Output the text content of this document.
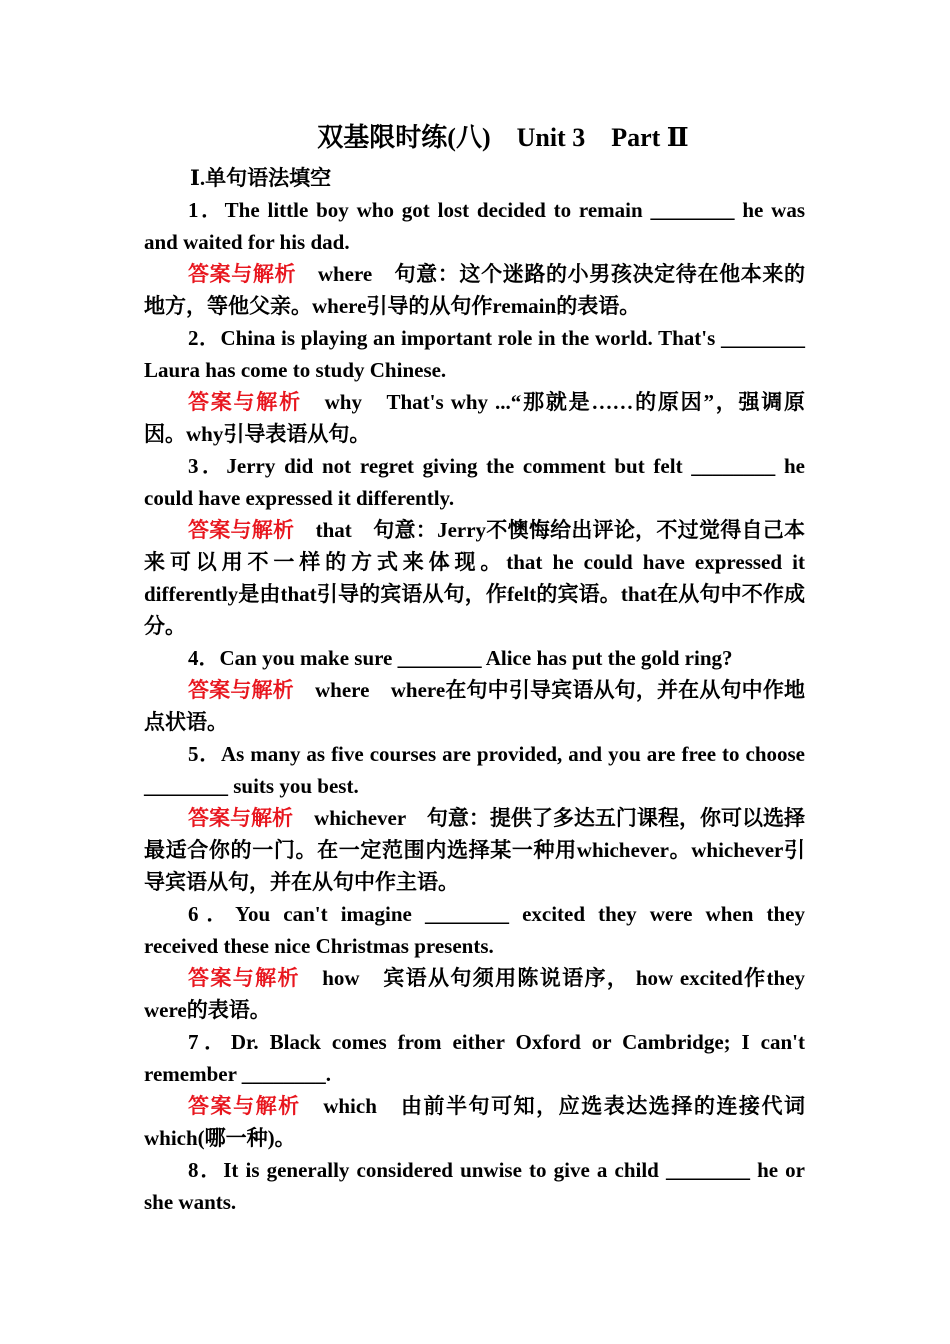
双基限时练(八)　Unit 3　Part Ⅱ
Ⅰ.单句语法填空

1．The little boy who got lost decided to remain ________ he was and waited for his dad.

答案与解析　where　句意：这个迷路的小男孩决定待在他本来的地方，等他父亲。where引导的从句作remain的表语。

2．China is playing an important role in the world. That's ________ Laura has come to study Chinese.

答案与解析　why　That's why ...“那就是……的原因”，强调原因。why引导表语从句。

3．Jerry did not regret giving the comment but felt ________ he could have expressed it differently.

答案与解析　that　句意：Jerry不懊悔给出评论，不过觉得自己本来可以用不一样的方式来体现。that he could have expressed it differently是由that引导的宾语从句，作felt的宾语。that在从句中不作成分。

4．Can you make sure ________ Alice has put the gold ring?

答案与解析　where　where在句中引导宾语从句，并在从句中作地点状语。

5．As many as five courses are provided, and you are free to choose ________ suits you best.

答案与解析　whichever　句意：提供了多达五门课程，你可以选择最适合你的一门。在一定范围内选择某一种用whichever。whichever引导宾语从句，并在从句中作主语。

6．You can't imagine ________ excited they were when they received these nice Christmas presents.

答案与解析　how　宾语从句须用陈说语序， how excited作they were的表语。

7．Dr. Black comes from either Oxford or Cambridge; I can't remember ________.

答案与解析　which　由前半句可知，应选表达选择的连接代词which(哪一种)。

8．It is generally considered unwise to give a child ________ he or she wants.
